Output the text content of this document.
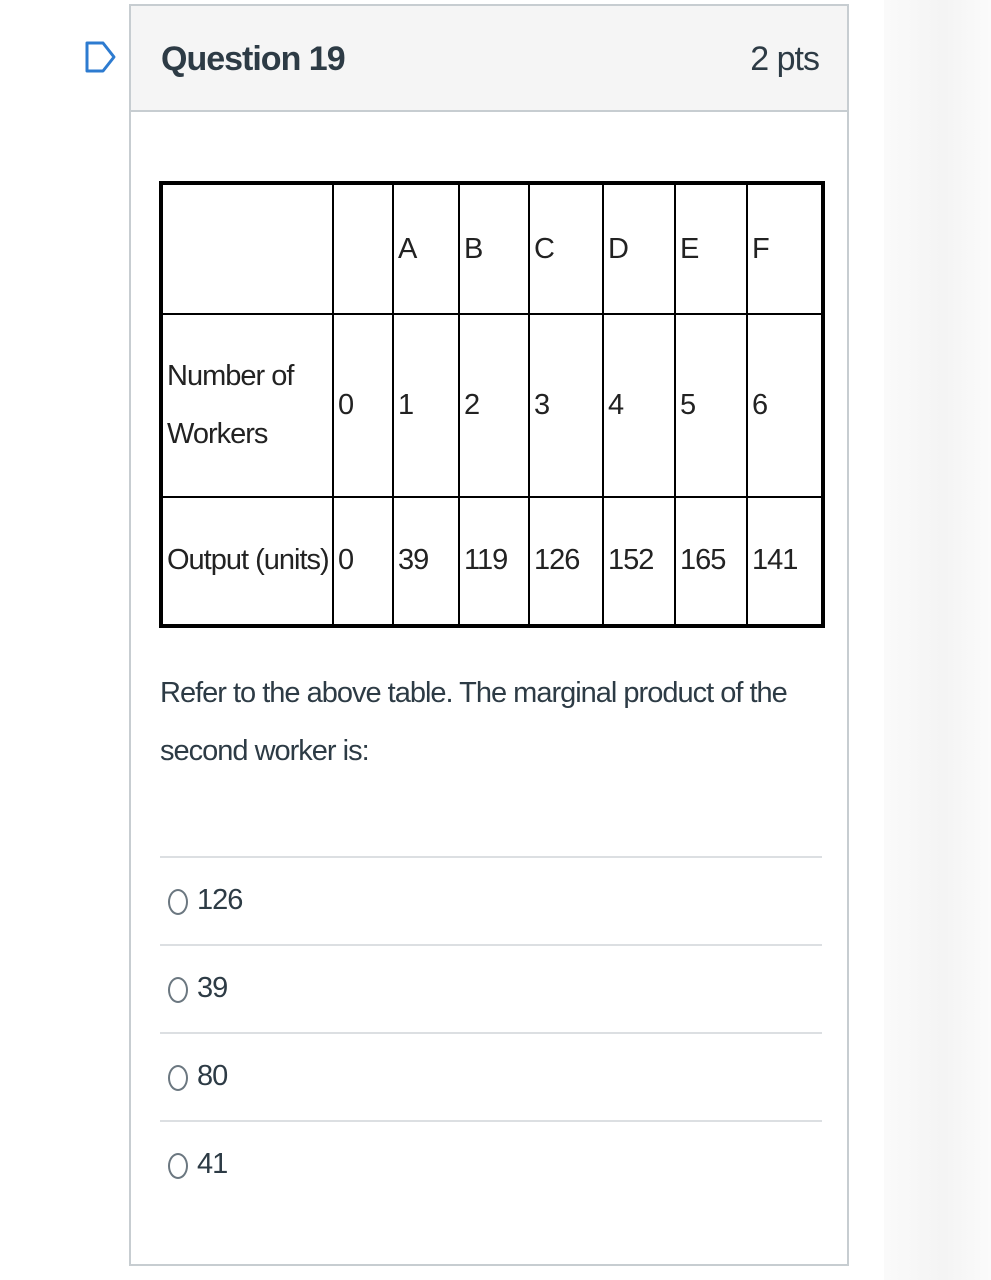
Question 19	2 pts
		A	B	C	D	E	F
Number of Workers	0	1	2	3	4	5	6
Output (units)	0	39	119	126	152	165	141
Refer to the above table. The marginal product of the second worker is:
126
39
80
41
